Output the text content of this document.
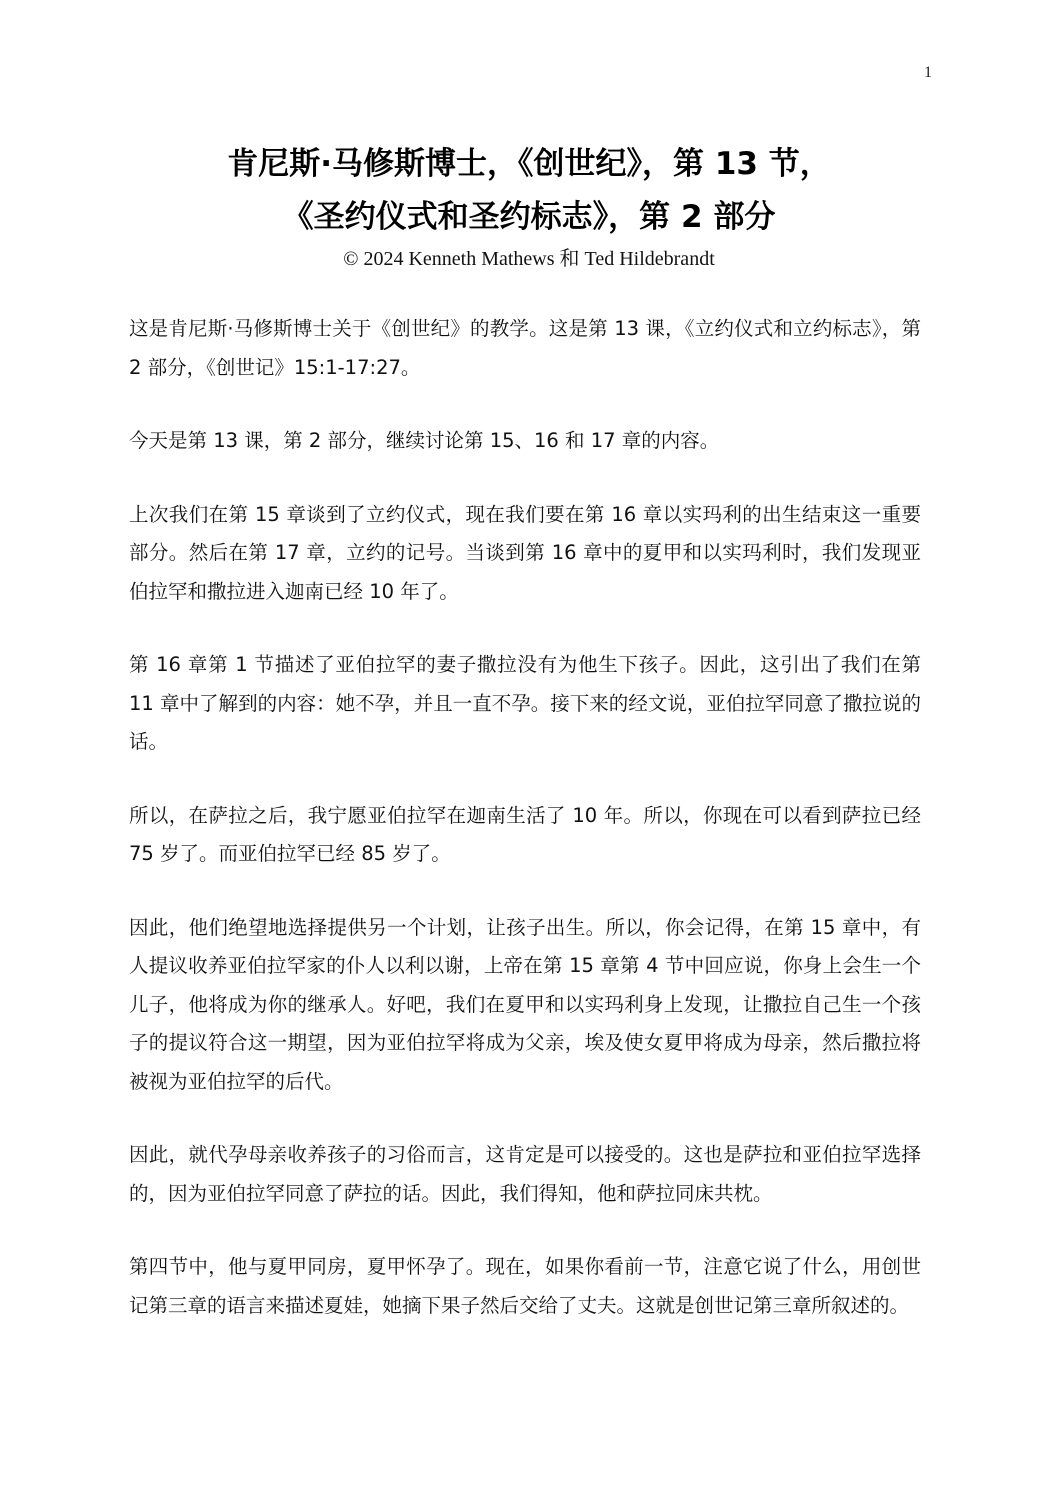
1
肯尼斯·马修斯博士，《创世纪》，第 13 节，
《圣约仪式和圣约标志》，第 2 部分
© 2024 Kenneth Mathews 和 Ted Hildebrandt

这是肯尼斯·马修斯博士关于《创世纪》的教学。这是第 13 课，《立约仪式和立约标志》，第 2 部分，《创世记》15:1-17:27。

今天是第 13 课，第 2 部分，继续讨论第 15、16 和 17 章的内容。

上次我们在第 15 章谈到了立约仪式，现在我们要在第 16 章以实玛利的出生结束这一重要部分。然后在第 17 章，立约的记号。当谈到第 16 章中的夏甲和以实玛利时，我们发现亚伯拉罕和撒拉进入迦南已经 10 年了。

第 16 章第 1 节描述了亚伯拉罕的妻子撒拉没有为他生下孩子。因此，这引出了我们在第 11 章中了解到的内容：她不孕，并且一直不孕。接下来的经文说，亚伯拉罕同意了撒拉说的话。

所以，在萨拉之后，我宁愿亚伯拉罕在迦南生活了 10 年。所以，你现在可以看到萨拉已经 75 岁了。而亚伯拉罕已经 85 岁了。

因此，他们绝望地选择提供另一个计划，让孩子出生。所以，你会记得，在第 15 章中，有人提议收养亚伯拉罕家的仆人以利以谢，上帝在第 15 章第 4 节中回应说，你身上会生一个儿子，他将成为你的继承人。好吧，我们在夏甲和以实玛利身上发现，让撒拉自己生一个孩子的提议符合这一期望，因为亚伯拉罕将成为父亲，埃及使女夏甲将成为母亲，然后撒拉将被视为亚伯拉罕的后代。

因此，就代孕母亲收养孩子的习俗而言，这肯定是可以接受的。这也是萨拉和亚伯拉罕选择的，因为亚伯拉罕同意了萨拉的话。因此，我们得知，他和萨拉同床共枕。

第四节中，他与夏甲同房，夏甲怀孕了。现在，如果你看前一节，注意它说了什么，用创世记第三章的语言来描述夏娃，她摘下果子然后交给了丈夫。这就是创世记第三章所叙述的。
